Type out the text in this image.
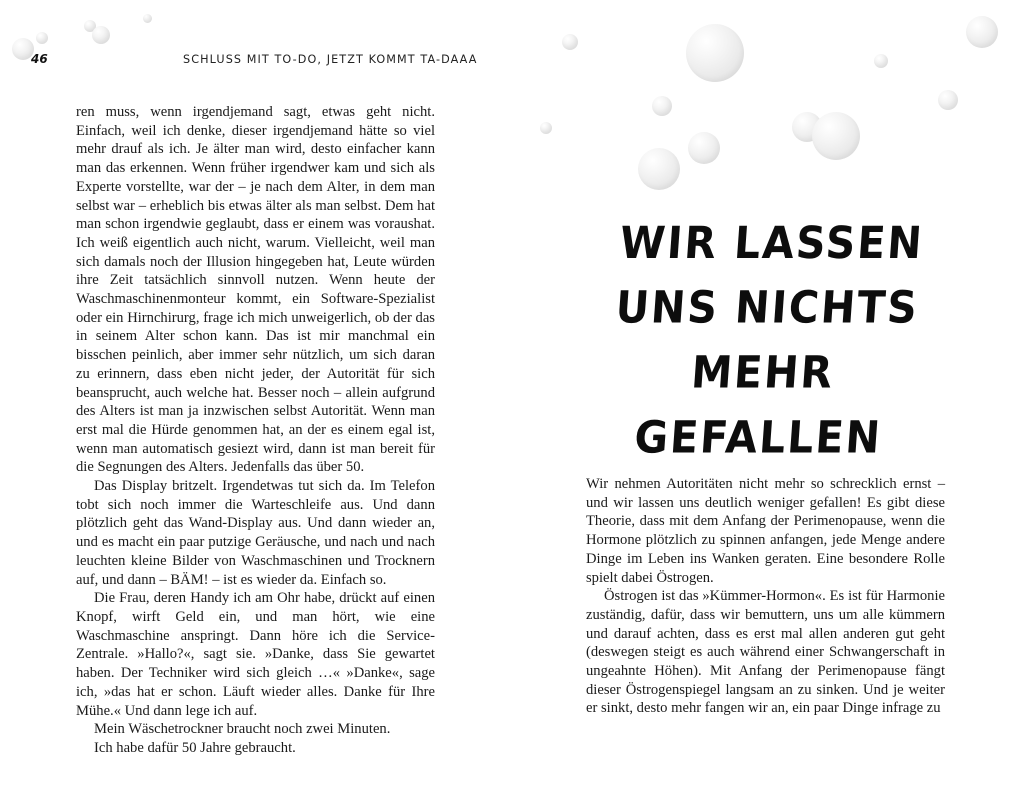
46	SCHLUSS MIT TO-DO, JETZT KOMMT TA-DAAA

ren muss, wenn irgendjemand sagt, etwas geht nicht. Einfach, weil ich denke, dieser irgendjemand hätte so viel mehr drauf als ich. Je älter man wird, desto einfacher kann man das erkennen. Wenn früher irgendwer kam und sich als Experte vorstellte, war der – je nach dem Alter, in dem man selbst war – erheblich bis etwas älter als man selbst. Dem hat man schon irgendwie geglaubt, dass er einem was voraushat. Ich weiß eigentlich auch nicht, warum. Vielleicht, weil man sich damals noch der Illusion hingegeben hat, Leute würden ihre Zeit tatsächlich sinnvoll nutzen. Wenn heute der Waschmaschinenmonteur kommt, ein Software-Spezialist oder ein Hirnchirurg, frage ich mich unweigerlich, ob der das in seinem Alter schon kann. Das ist mir manchmal ein bisschen peinlich, aber immer sehr nützlich, um sich daran zu erinnern, dass eben nicht jeder, der Autorität für sich beansprucht, auch welche hat. Besser noch – allein aufgrund des Alters ist man ja inzwischen selbst Autorität. Wenn man erst mal die Hürde genommen hat, an der es einem egal ist, wenn man automatisch gesiezt wird, dann ist man bereit für die Segnungen des Alters. Jedenfalls das über 50.

Das Display britzelt. Irgendetwas tut sich da. Im Telefon tobt sich noch immer die Warteschleife aus. Und dann plötzlich geht das Wand-Display aus. Und dann wieder an, und es macht ein paar putzige Geräusche, und nach und nach leuchten kleine Bilder von Waschmaschinen und Trocknern auf, und dann – BÄM! – ist es wieder da. Einfach so.

Die Frau, deren Handy ich am Ohr habe, drückt auf einen Knopf, wirft Geld ein, und man hört, wie eine Waschmaschine anspringt. Dann höre ich die Service-Zentrale. »Hallo?«, sagt sie. »Danke, dass Sie gewartet haben. Der Techniker wird sich gleich …« »Danke«, sage ich, »das hat er schon. Läuft wieder alles. Danke für Ihre Mühe.« Und dann lege ich auf.

Mein Wäschetrockner braucht noch zwei Minuten.

Ich habe dafür 50 Jahre gebraucht.

Wir nehmen Autoritäten nicht mehr so schrecklich ernst – und wir lassen uns deutlich weniger gefallen! Es gibt diese Theorie, dass mit dem Anfang der Perimenopause, wenn die Hormone plötzlich zu spinnen anfangen, jede Menge andere Dinge im Leben ins Wanken geraten. Eine besondere Rolle spielt dabei Östrogen.

Östrogen ist das »Kümmer-Hormon«. Es ist für Harmonie zuständig, dafür, dass wir bemuttern, uns um alle kümmern und darauf achten, dass es erst mal allen anderen gut geht (deswegen steigt es auch während einer Schwangerschaft in ungeahnte Höhen). Mit Anfang der Perimenopause fängt dieser Östrogenspiegel langsam an zu sinken. Und je weiter er sinkt, desto mehr fangen wir an, ein paar Dinge infrage zu

WIR LASSEN
UNS NICHTS MEHR
GEFALLEN
